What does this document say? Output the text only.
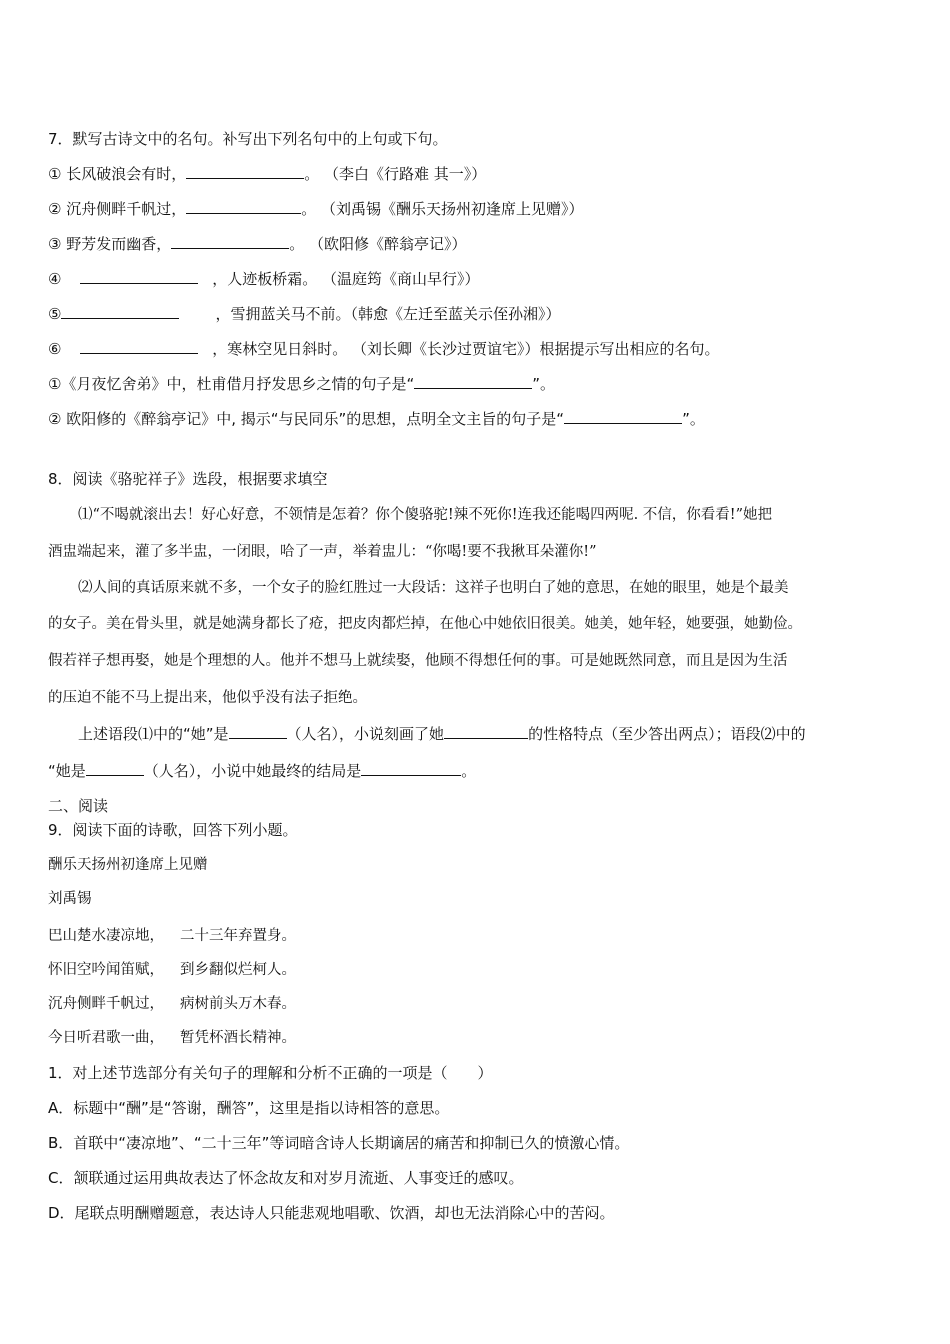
7．默写古诗文中的名句。补写出下列名句中的上句或下句。
① 长风破浪会有时，	。 （李白《行路难 其一》）
② 沉舟侧畔千帆过，	。 （刘禹锡《酬乐天扬州初逢席上见赠》）
③ 野芳发而幽香，	。 （欧阳修《醉翁亭记》）
④	，人迹板桥霜。 （温庭筠《商山早行》）
⑤	，雪拥蓝关马不前。（韩愈《左迁至蓝关示侄孙湘》）
⑥	，寒林空见日斜时。 （刘长卿《长沙过贾谊宅》）根据提示写出相应的名句。
①《月夜忆舍弟》中，杜甫借月抒发思乡之情的句子是“	”。
② 欧阳修的《醉翁亭记》中, 揭示“与民同乐”的思想，点明全文主旨的句子是“	”。
8．阅读《骆驼祥子》选段，根据要求填空
⑴“不喝就滚出去！好心好意，不领情是怎着？你个傻骆驼!辣不死你!连我还能喝四两呢. 不信，你看看!”她把
酒盅端起来，灌了多半盅，一闭眼，哈了一声，举着盅儿：“你喝!要不我揪耳朵灌你!”
⑵人间的真话原来就不多，一个女子的脸红胜过一大段话：这祥子也明白了她的意思，在她的眼里，她是个最美
的女子。美在骨头里，就是她满身都长了疮，把皮肉都烂掉，在他心中她依旧很美。她美，她年轻，她要强，她勤俭。
假若祥子想再娶，她是个理想的人。他并不想马上就续娶，他顾不得想任何的事。可是她既然同意，而且是因为生活
的压迫不能不马上提出来，他似乎没有法子拒绝。
上述语段⑴中的“她”是	（人名），小说刻画了她	的性格特点（至少答出两点）；语段⑵中的
“她是	（人名），小说中她最终的结局是	。
二、阅读
9．阅读下面的诗歌，回答下列小题。
酬乐天扬州初逢席上见赠
刘禹锡
巴山楚水凄凉地， 二十三年弃置身。
怀旧空吟闻笛赋， 到乡翻似烂柯人。
沉舟侧畔千帆过， 病树前头万木春。
今日听君歌一曲， 暂凭杯酒长精神。
1．对上述节选部分有关句子的理解和分析不正确的一项是（　　）
A．标题中“酬”是“答谢，酬答”，这里是指以诗相答的意思。
B．首联中“凄凉地”、“二十三年”等词暗含诗人长期谪居的痛苦和抑制已久的愤激心情。
C．颔联通过运用典故表达了怀念故友和对岁月流逝、人事变迁的感叹。
D．尾联点明酬赠题意，表达诗人只能悲观地唱歌、饮酒，却也无法消除心中的苦闷。
